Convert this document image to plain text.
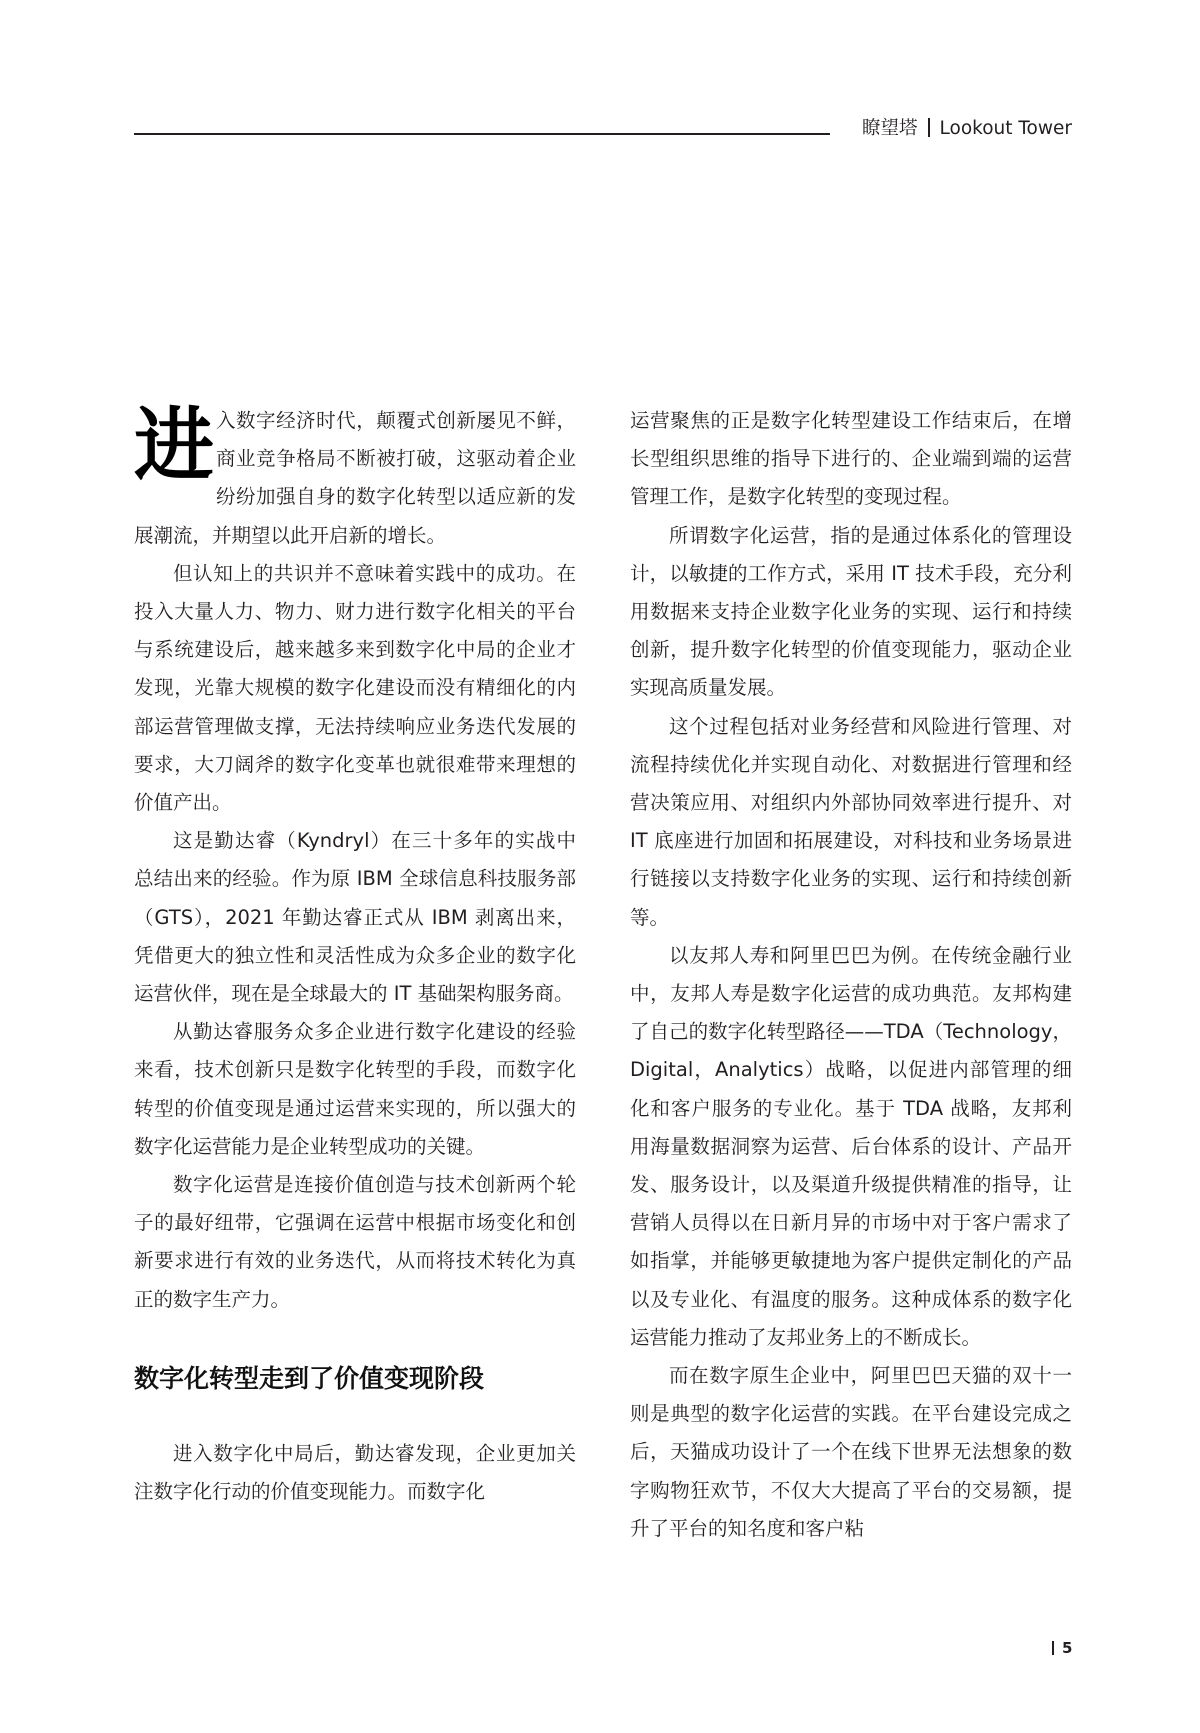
瞭望塔 Lookout Tower

进入数字经济时代，颠覆式创新屡见不鲜，商业竞争格局不断被打破，这驱动着企业纷纷加强自身的数字化转型以适应新的发展潮流，并期望以此开启新的增长。

但认知上的共识并不意味着实践中的成功。在投入大量人力、物力、财力进行数字化相关的平台与系统建设后，越来越多来到数字化中局的企业才发现，光靠大规模的数字化建设而没有精细化的内部运营管理做支撑，无法持续响应业务迭代发展的要求，大刀阔斧的数字化变革也就很难带来理想的价值产出。

这是勤达睿（Kyndryl）在三十多年的实战中总结出来的经验。作为原 IBM 全球信息科技服务部（GTS），2021 年勤达睿正式从 IBM 剥离出来，凭借更大的独立性和灵活性成为众多企业的数字化运营伙伴，现在是全球最大的 IT 基础架构服务商。

从勤达睿服务众多企业进行数字化建设的经验来看，技术创新只是数字化转型的手段，而数字化转型的价值变现是通过运营来实现的，所以强大的数字化运营能力是企业转型成功的关键。

数字化运营是连接价值创造与技术创新两个轮子的最好纽带，它强调在运营中根据市场变化和创新要求进行有效的业务迭代，从而将技术转化为真正的数字生产力。

数字化转型走到了价值变现阶段

进入数字化中局后，勤达睿发现，企业更加关注数字化行动的价值变现能力。而数字化

运营聚焦的正是数字化转型建设工作结束后，在增长型组织思维的指导下进行的、企业端到端的运营管理工作，是数字化转型的变现过程。

所谓数字化运营，指的是通过体系化的管理设计，以敏捷的工作方式，采用 IT 技术手段，充分利用数据来支持企业数字化业务的实现、运行和持续创新，提升数字化转型的价值变现能力，驱动企业实现高质量发展。

这个过程包括对业务经营和风险进行管理、对流程持续优化并实现自动化、对数据进行管理和经营决策应用、对组织内外部协同效率进行提升、对 IT 底座进行加固和拓展建设，对科技和业务场景进行链接以支持数字化业务的实现、运行和持续创新等。

以友邦人寿和阿里巴巴为例。在传统金融行业中，友邦人寿是数字化运营的成功典范。友邦构建了自己的数字化转型路径——TDA（Technology，Digital，Analytics）战略，以促进内部管理的细化和客户服务的专业化。基于 TDA 战略，友邦利用海量数据洞察为运营、后台体系的设计、产品开发、服务设计，以及渠道升级提供精准的指导，让营销人员得以在日新月异的市场中对于客户需求了如指掌，并能够更敏捷地为客户提供定制化的产品以及专业化、有温度的服务。这种成体系的数字化运营能力推动了友邦业务上的不断成长。

而在数字原生企业中，阿里巴巴天猫的双十一则是典型的数字化运营的实践。在平台建设完成之后，天猫成功设计了一个在线下世界无法想象的数字购物狂欢节，不仅大大提高了平台的交易额，提升了平台的知名度和客户粘

5
